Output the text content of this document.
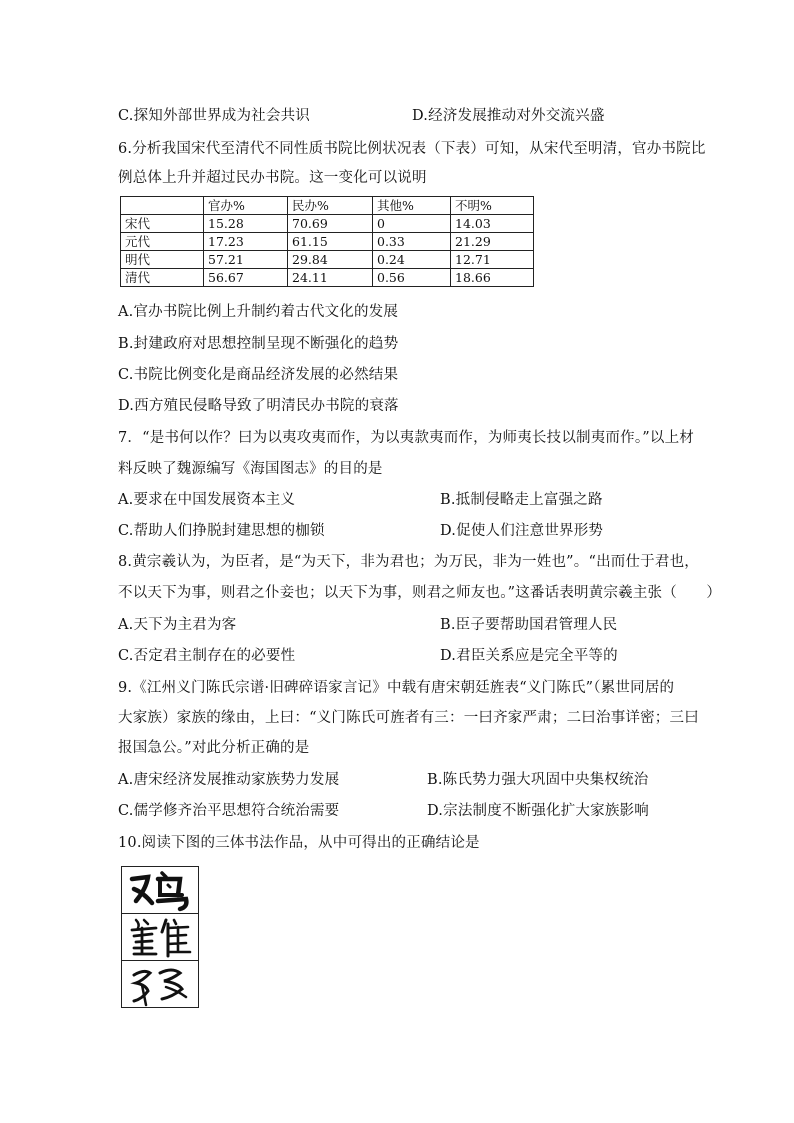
C.探知外部世界成为社会共识	D.经济发展推动对外交流兴盛
6.分析我国宋代至清代不同性质书院比例状况表（下表）可知，从宋代至明清，官办书院比
例总体上升并超过民办书院。这一变化可以说明
	官办%	民办%	其他%	不明%
宋代	15.28	70.69	0	14.03
元代	17.23	61.15	0.33	21.29
明代	57.21	29.84	0.24	12.71
清代	56.67	24.11	0.56	18.66
A.官办书院比例上升制约着古代文化的发展
B.封建政府对思想控制呈现不断强化的趋势
C.书院比例变化是商品经济发展的必然结果
D.西方殖民侵略导致了明清民办书院的衰落
7．“是书何以作？曰为以夷攻夷而作，为以夷款夷而作，为师夷长技以制夷而作。”以上材
料反映了魏源编写《海国图志》的目的是
A.要求在中国发展资本主义	B.抵制侵略走上富强之路
C.帮助人们挣脱封建思想的枷锁	D.促使人们注意世界形势
8.黄宗羲认为，为臣者，是“为天下，非为君也；为万民，非为一姓也”。“出而仕于君也，
不以天下为事，则君之仆妾也；以天下为事，则君之师友也。”这番话表明黄宗羲主张（　　）
A.天下为主君为客	B.臣子要帮助国君管理人民
C.否定君主制存在的必要性	D.君臣关系应是完全平等的
9.《江州义门陈氏宗谱·旧碑碎语家言记》中载有唐宋朝廷旌表“义门陈氏”（累世同居的
大家族）家族的缘由，上曰：“义门陈氏可旌者有三：一曰齐家严肃；二曰治事详密；三曰
报国急公。”对此分析正确的是
A.唐宋经济发展推动家族势力发展	B.陈氏势力强大巩固中央集权统治
C.儒学修齐治平思想符合统治需要	D.宗法制度不断强化扩大家族影响
10.阅读下图的三体书法作品，从中可得出的正确结论是
鸡
雞
鸡
